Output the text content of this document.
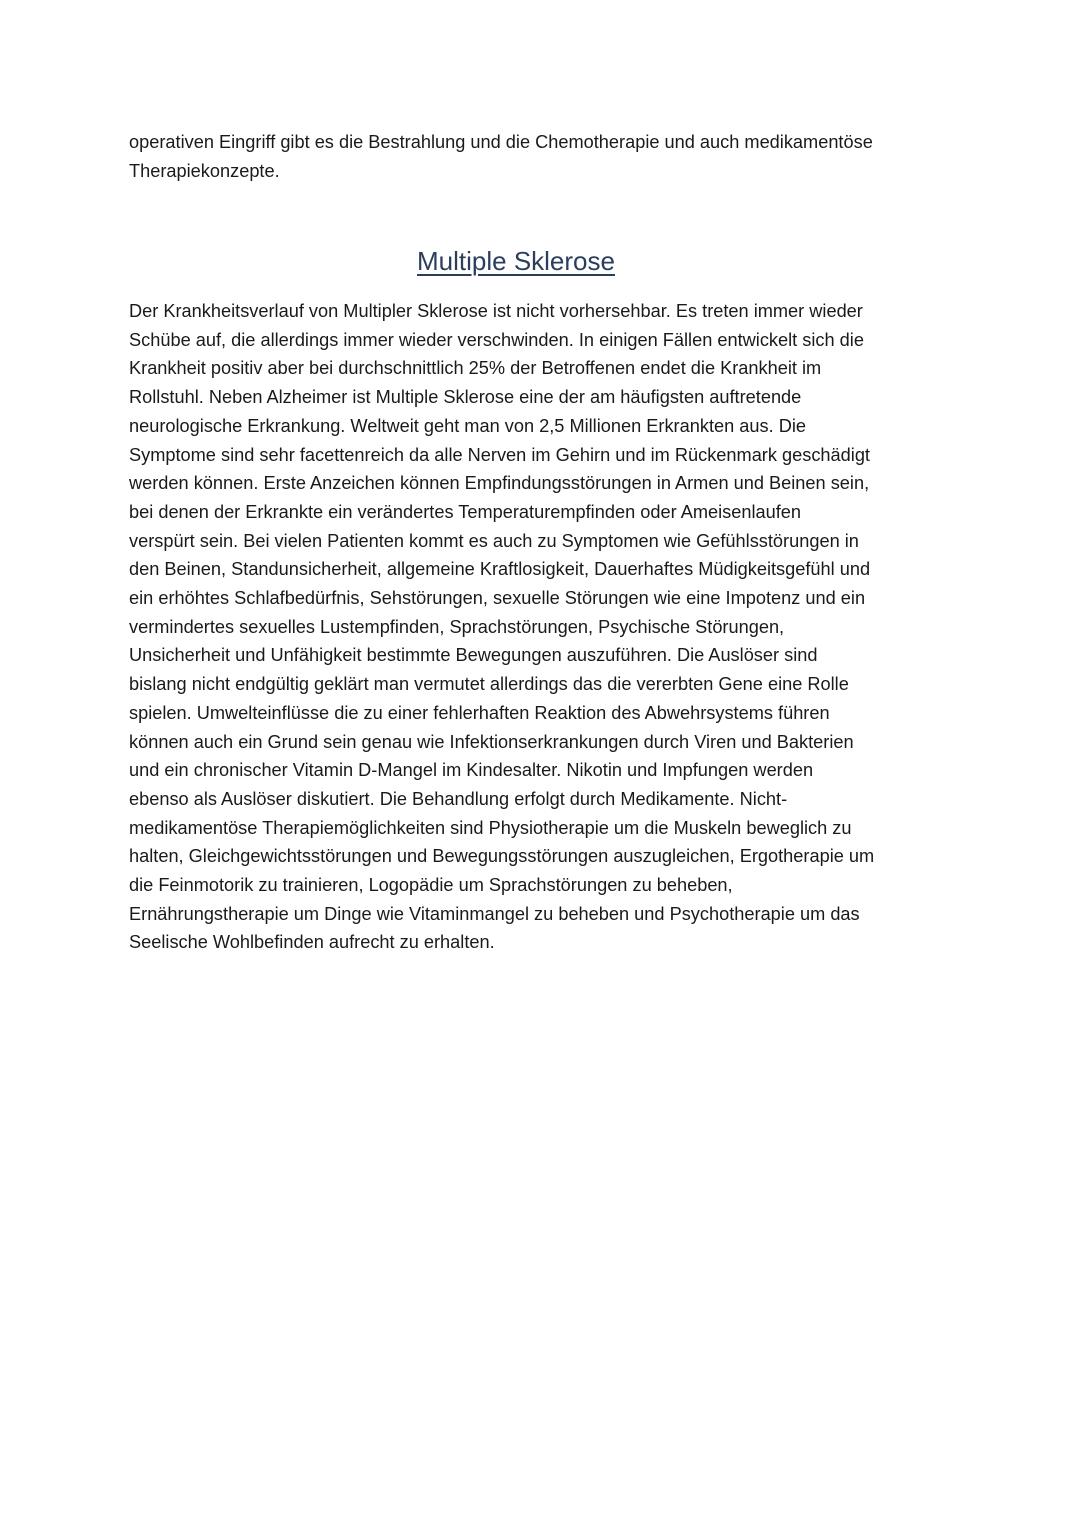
operativen Eingriff gibt es die Bestrahlung und die Chemotherapie und auch medikamentöse
Therapiekonzepte.
Multiple Sklerose
Der Krankheitsverlauf von Multipler Sklerose ist nicht vorhersehbar. Es treten immer wieder
Schübe auf, die allerdings immer wieder verschwinden. In einigen Fällen entwickelt sich die
Krankheit positiv aber bei durchschnittlich 25% der Betroffenen endet die Krankheit im
Rollstuhl. Neben Alzheimer ist Multiple Sklerose eine der am häufigsten auftretende
neurologische Erkrankung. Weltweit geht man von 2,5 Millionen Erkrankten aus. Die
Symptome sind sehr facettenreich da alle Nerven im Gehirn und im Rückenmark geschädigt
werden können. Erste Anzeichen können Empfindungsstörungen in Armen und Beinen sein,
bei denen der Erkrankte ein verändertes Temperaturempfinden oder Ameisenlaufen
verspürt sein. Bei vielen Patienten kommt es auch zu Symptomen wie Gefühlsstörungen in
den Beinen, Standunsicherheit, allgemeine Kraftlosigkeit, Dauerhaftes Müdigkeitsgefühl und
ein erhöhtes Schlafbedürfnis, Sehstörungen, sexuelle Störungen wie eine Impotenz und ein
vermindertes sexuelles Lustempfinden, Sprachstörungen, Psychische Störungen,
Unsicherheit und Unfähigkeit bestimmte Bewegungen auszuführen. Die Auslöser sind
bislang nicht endgültig geklärt man vermutet allerdings das die vererbten Gene eine Rolle
spielen. Umwelteinflüsse die zu einer fehlerhaften Reaktion des Abwehrsystems führen
können auch ein Grund sein genau wie Infektionserkrankungen durch Viren und Bakterien
und ein chronischer Vitamin D-Mangel im Kindesalter. Nikotin und Impfungen werden
ebenso als Auslöser diskutiert. Die Behandlung erfolgt durch Medikamente. Nicht-
medikamentöse Therapiemöglichkeiten sind Physiotherapie um die Muskeln beweglich zu
halten, Gleichgewichtsstörungen und Bewegungsstörungen auszugleichen, Ergotherapie um
die Feinmotorik zu trainieren, Logopädie um Sprachstörungen zu beheben,
Ernährungstherapie um Dinge wie Vitaminmangel zu beheben und Psychotherapie um das
Seelische Wohlbefinden aufrecht zu erhalten.
